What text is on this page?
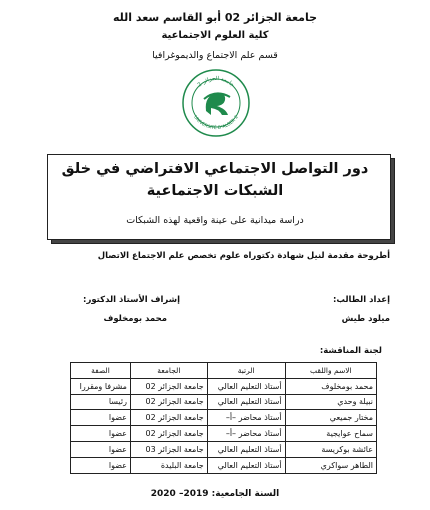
جامعة الجزائر 02 أبو القاسم سعد الله
كلية العلوم الاجتماعية
قسم علم الاجتماع والديموغرافيا
جامعة الجزائر 2
UNIVERSITÉ D'ALGER 2
دور التواصل الاجتماعي الافتراضي في خلق
الشبكات الاجتماعية
دراسة ميدانية على عينة واقعية لهذه الشبكات
أطروحة مقدمة لنيل شهادة دكتوراه علوم تخصص علم الاجتماع الاتصال
إعداد الطالب:
ميلود طيش
إشراف الأستاذ الدكتور:
محمد بومخلوف
لجنة المناقشة:
الاسم واللقب	الرتبة	الجامعة	الصفة
محمد بومخلوف	أستاذ التعليم العالي	جامعة الجزائر 02	مشرفا ومقررا
نبيلة وحدي	أستاذ التعليم العالي	جامعة الجزائر 02	رئيسا
مختار جميعي	أستاذ محاضر –أ–	جامعة الجزائر 02	عضوا
سماح عوايجية	أستاذ محاضر –أ–	جامعة الجزائر 02	عضوا
عائشة بوكريسة	أستاذ التعليم العالي	جامعة الجزائر 03	عضوا
الطاهر سواكري	أستاذ التعليم العالي	جامعة البليدة	عضوا
السنة الجامعية: 2019– 2020
